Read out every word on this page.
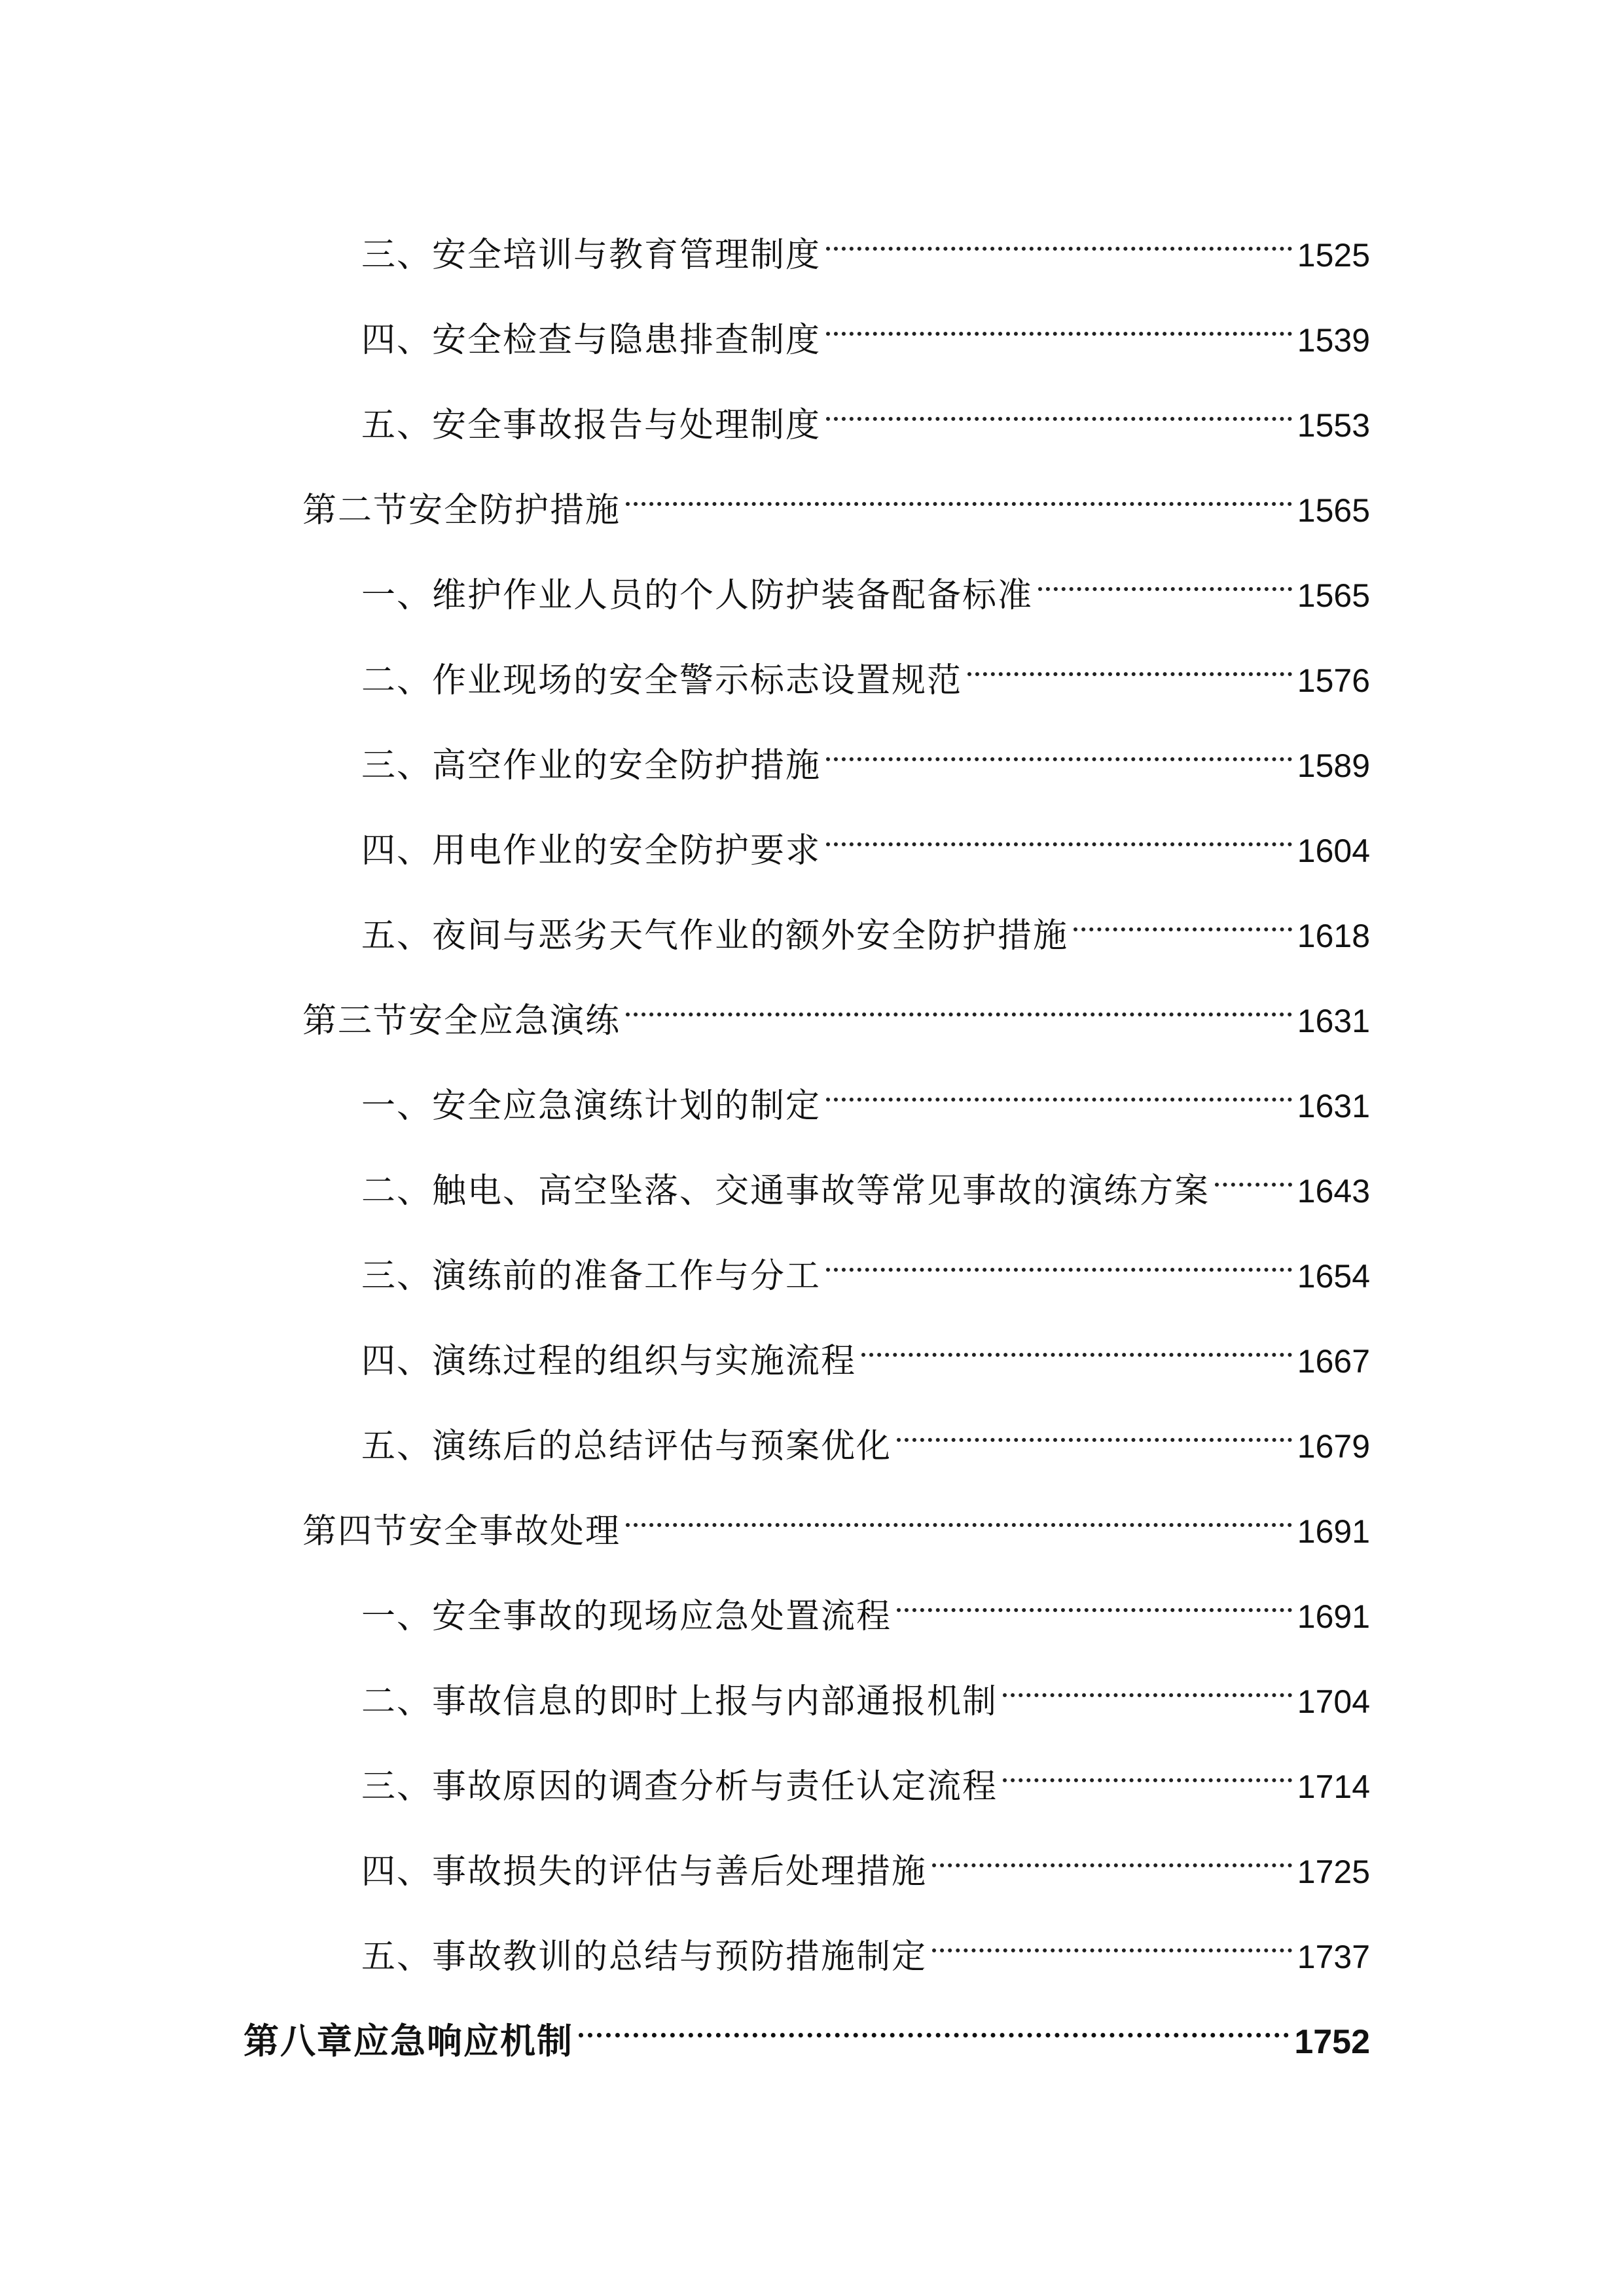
三、安全培训与教育管理制度	1525
四、安全检查与隐患排查制度	1539
五、安全事故报告与处理制度	1553
第二节安全防护措施	1565
一、维护作业人员的个人防护装备配备标准	1565
二、作业现场的安全警示标志设置规范	1576
三、高空作业的安全防护措施	1589
四、用电作业的安全防护要求	1604
五、夜间与恶劣天气作业的额外安全防护措施	1618
第三节安全应急演练	1631
一、安全应急演练计划的制定	1631
二、触电、高空坠落、交通事故等常见事故的演练方案	1643
三、演练前的准备工作与分工	1654
四、演练过程的组织与实施流程	1667
五、演练后的总结评估与预案优化	1679
第四节安全事故处理	1691
一、安全事故的现场应急处置流程	1691
二、事故信息的即时上报与内部通报机制	1704
三、事故原因的调查分析与责任认定流程	1714
四、事故损失的评估与善后处理措施	1725
五、事故教训的总结与预防措施制定	1737
第八章应急响应机制	1752
